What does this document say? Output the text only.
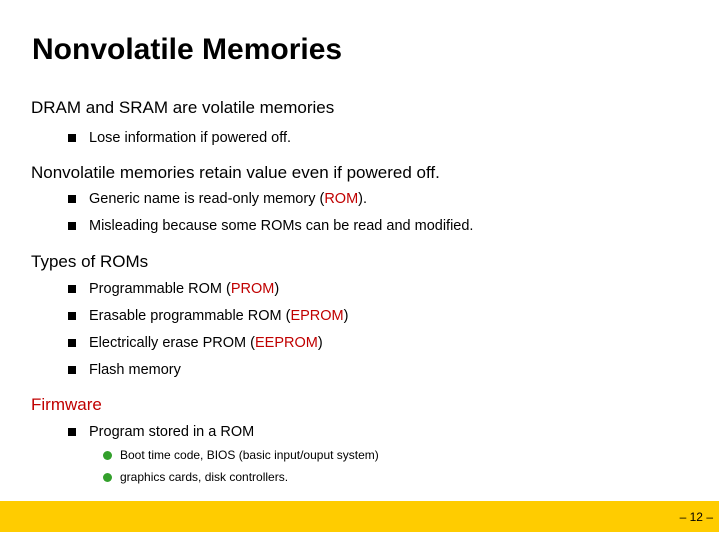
Nonvolatile Memories
DRAM and SRAM are volatile memories
Lose information if powered off.
Nonvolatile memories retain value even if powered off.
Generic name is read-only memory (ROM).
Misleading because some ROMs can be read and modified.
Types of ROMs
Programmable ROM (PROM)
Erasable programmable ROM (EPROM)
Electrically erase PROM (EEPROM)
Flash memory
Firmware
Program stored in a ROM
Boot time code, BIOS (basic input/ouput system)
graphics cards, disk controllers.
– 12 –
